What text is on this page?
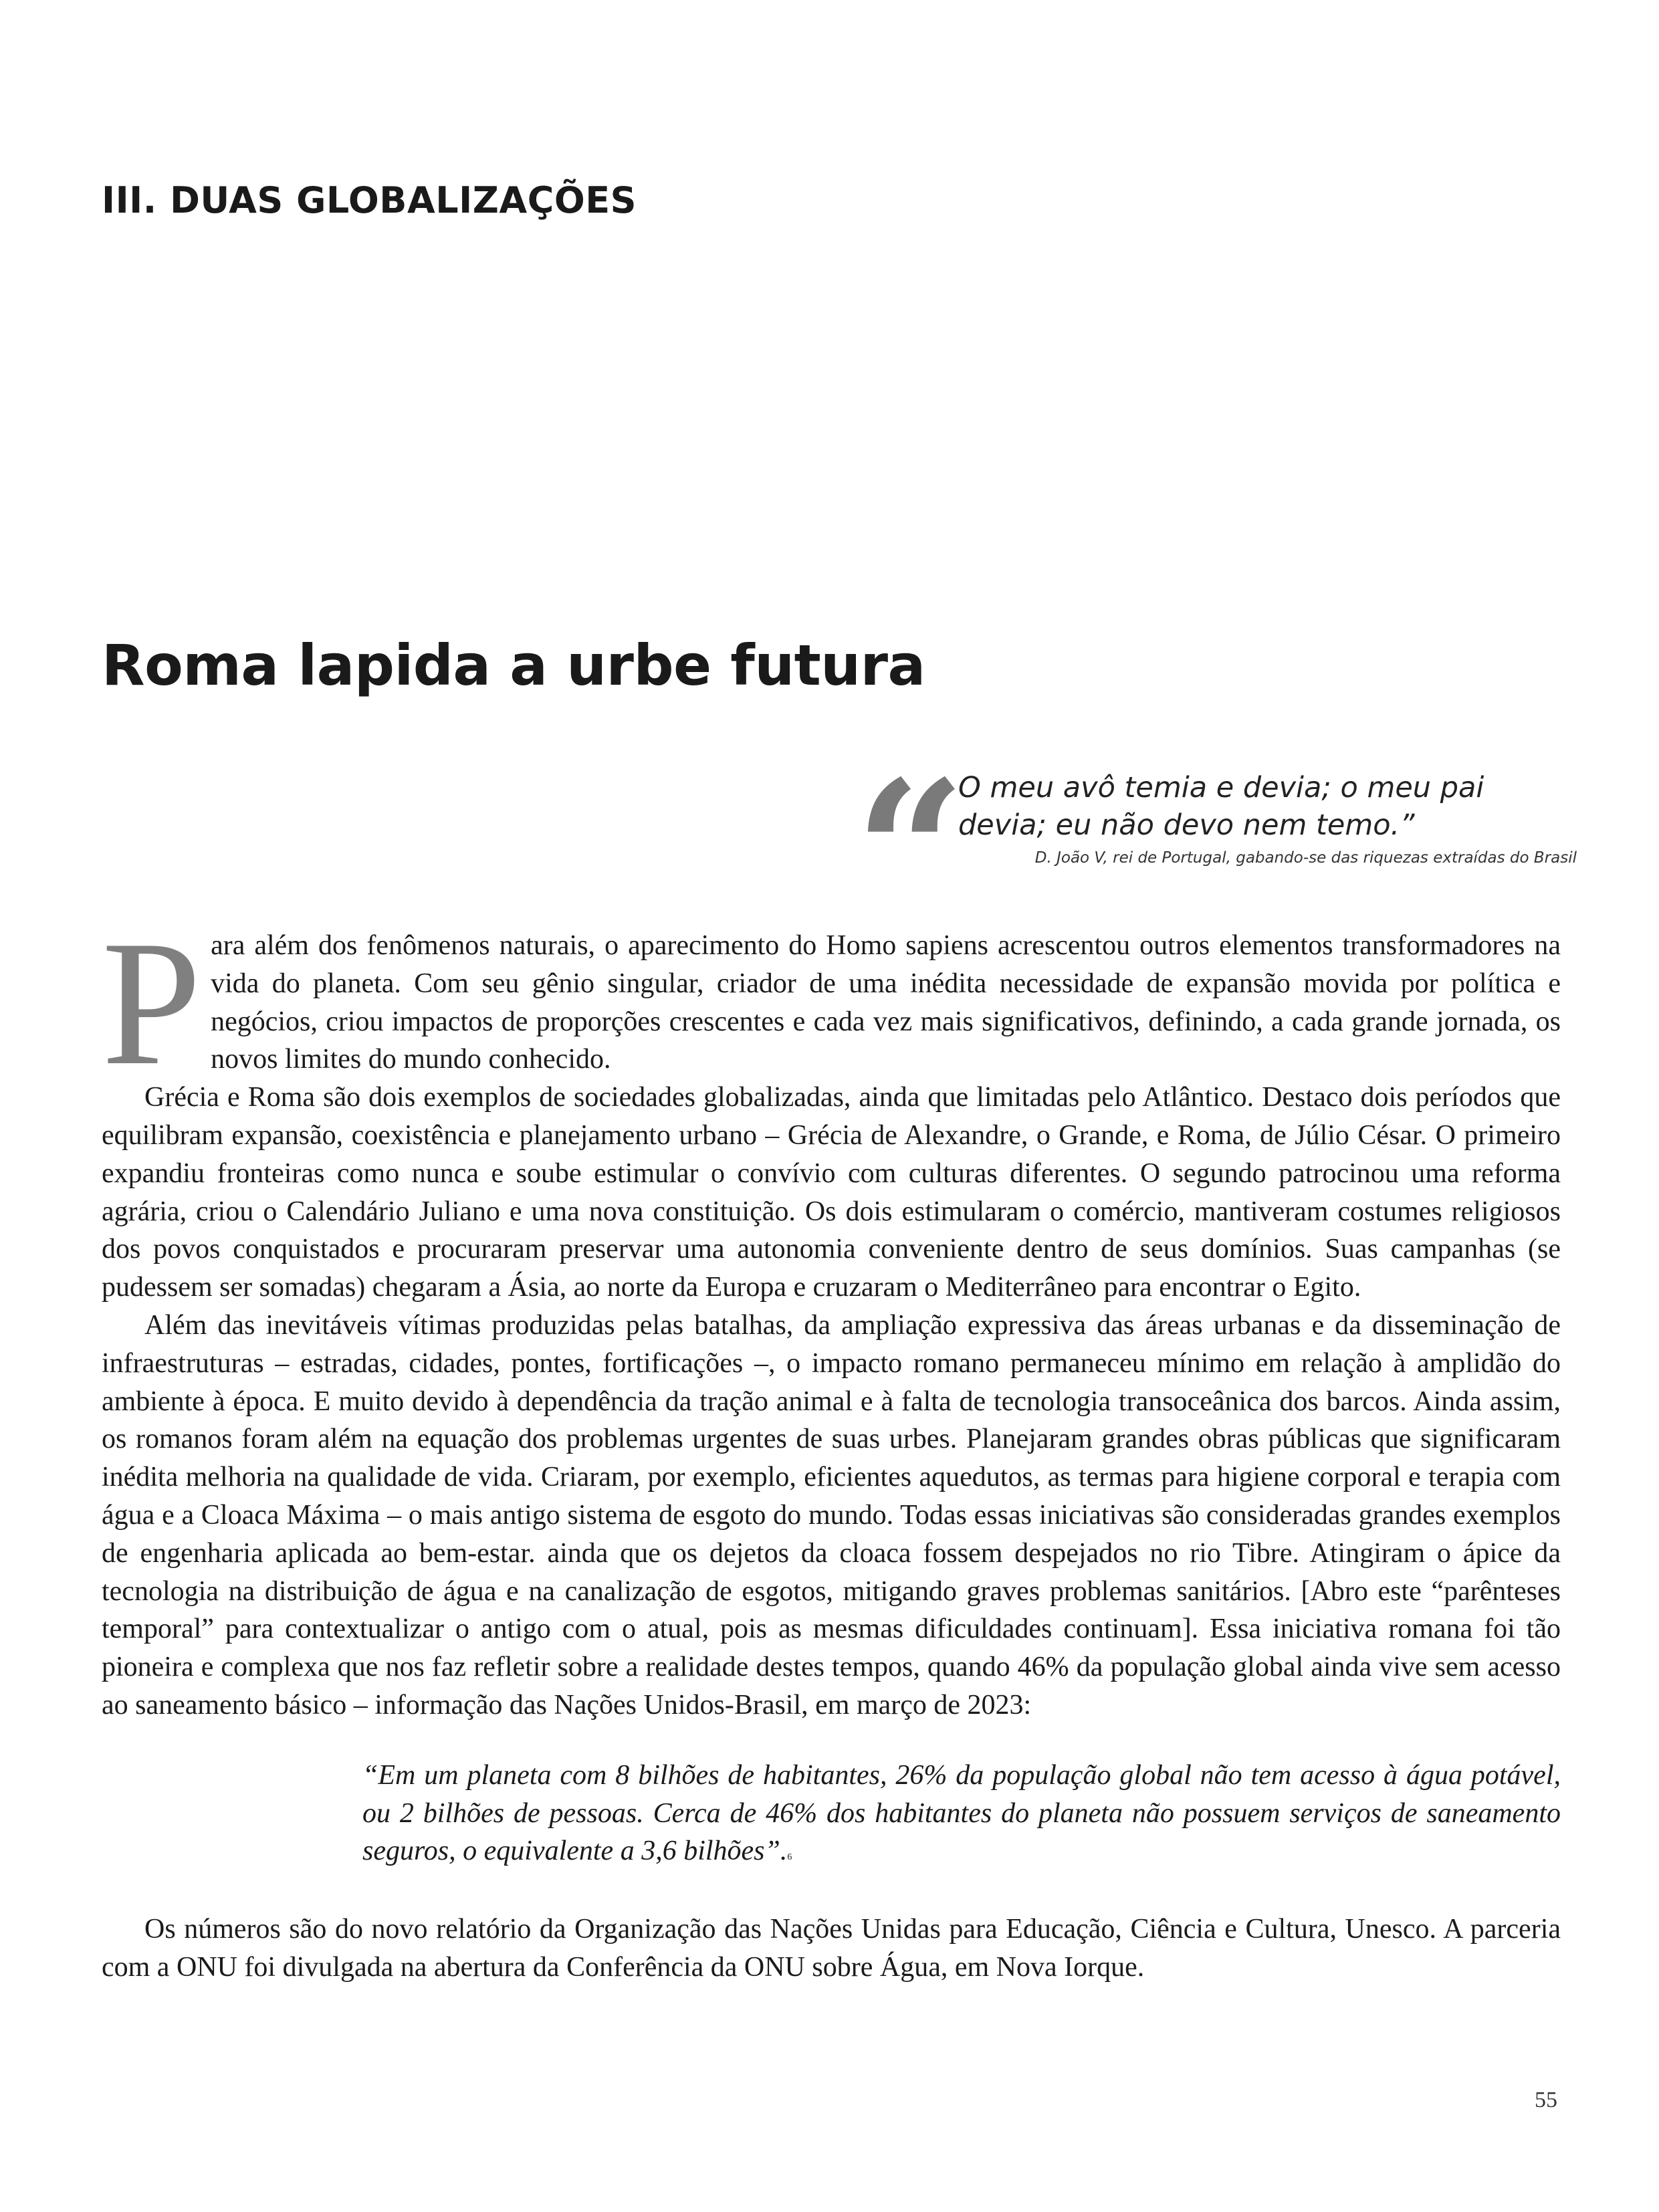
III. DUAS GLOBALIZAÇÕES
Roma lapida a urbe futura
“
O meu avô temia e devia; o meu pai
devia; eu não devo nem temo.”
D. João V, rei de Portugal, gabando-se das riquezas extraídas do Brasil

Para além dos fenômenos naturais, o aparecimento do Homo sapiens acrescentou outros elementos transformadores na vida do planeta. Com seu gênio singular, criador de uma inédita necessidade de expansão movida por política e negócios, criou impactos de proporções crescentes e cada vez mais significativos, definindo, a cada grande jornada, os novos limites do mundo conhecido.

Grécia e Roma são dois exemplos de sociedades globalizadas, ainda que limitadas pelo Atlântico. Destaco dois períodos que equilibram expansão, coexistência e planejamento urbano – Grécia de Alexandre, o Grande, e Roma, de Júlio César. O primeiro expandiu fronteiras como nunca e soube estimular o convívio com culturas diferentes. O segundo patrocinou uma reforma agrária, criou o Calendário Juliano e uma nova constituição. Os dois estimularam o comércio, mantiveram costumes religiosos dos povos conquistados e procuraram preservar uma autonomia conveniente dentro de seus domínios. Suas campanhas (se pudessem ser somadas) chegaram a Ásia, ao norte da Europa e cruzaram o Mediterrâneo para encontrar o Egito.

Além das inevitáveis vítimas produzidas pelas batalhas, da ampliação expressiva das áreas urbanas e da disseminação de infraestruturas – estradas, cidades, pontes, fortificações –, o impacto romano permaneceu mínimo em relação à amplidão do ambiente à época. E muito devido à dependência da tração animal e à falta de tecnologia transoceânica dos barcos. Ainda assim, os romanos foram além na equação dos problemas urgentes de suas urbes. Planejaram grandes obras públicas que significaram inédita melhoria na qualidade de vida. Criaram, por exemplo, eficientes aquedutos, as termas para higiene corporal e terapia com água e a Cloaca Máxima – o mais antigo sistema de esgoto do mundo. Todas essas iniciativas são consideradas grandes exemplos de engenharia aplicada ao bem-estar. ainda que os dejetos da cloaca fossem despejados no rio Tibre. Atingiram o ápice da tecnologia na distribuição de água e na canalização de esgotos, mitigando graves problemas sanitários. [Abro este “parênteses temporal” para contextualizar o antigo com o atual, pois as mesmas dificuldades continuam]. Essa iniciativa romana foi tão pioneira e complexa que nos faz refletir sobre a realidade destes tempos, quando 46% da população global ainda vive sem acesso ao saneamento básico – informação das Nações Unidos-Brasil, em março de 2023:

“Em um planeta com 8 bilhões de habitantes, 26% da população global não tem acesso à água potável, ou 2 bilhões de pessoas. Cerca de 46% dos habitantes do planeta não possuem serviços de saneamento seguros, o equivalente a 3,6 bilhões”.6

Os números são do novo relatório da Organização das Nações Unidas para Educação, Ciência e Cultura, Unesco. A parceria com a ONU foi divulgada na abertura da Conferência da ONU sobre Água, em Nova Iorque.

55
